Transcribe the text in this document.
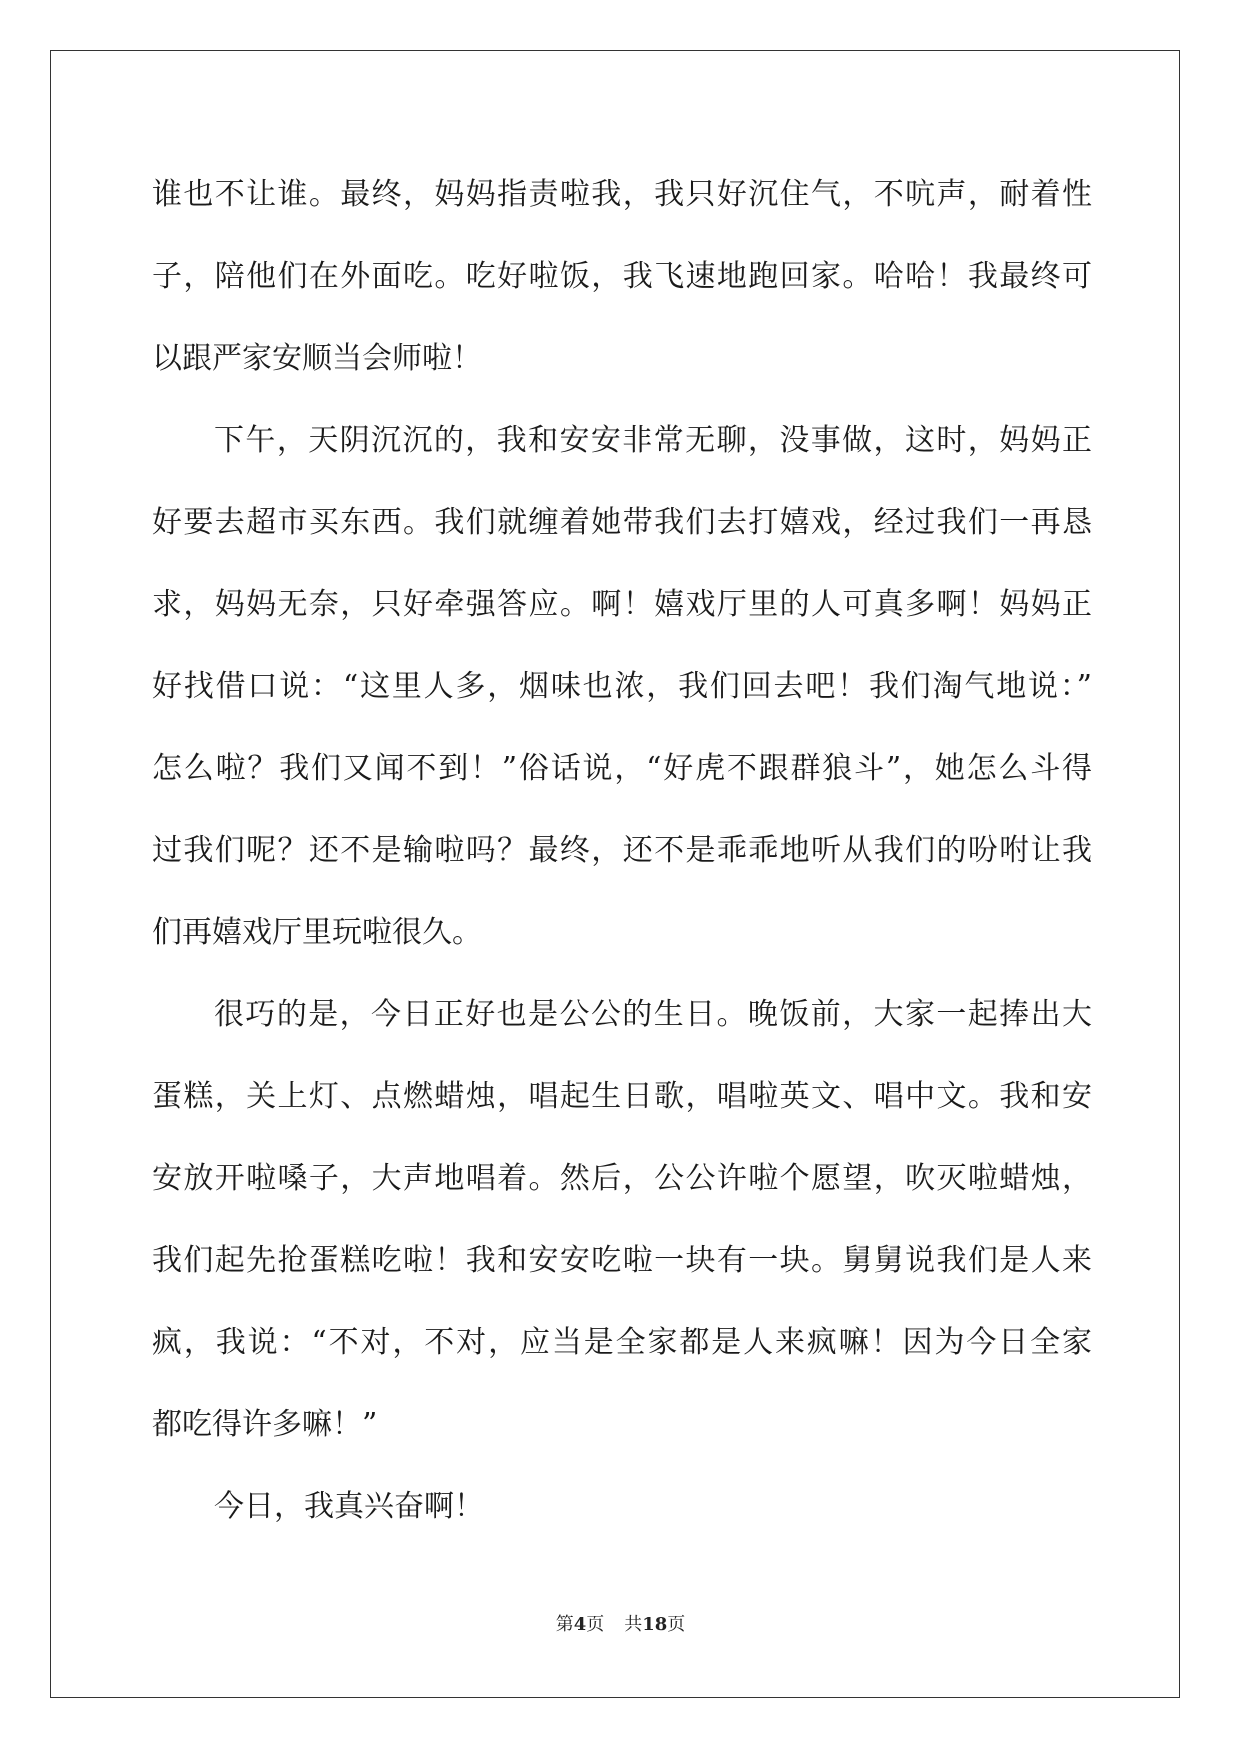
谁也不让谁。最终，妈妈指责啦我，我只好沉住气，不吭声，耐着性
子，陪他们在外面吃。吃好啦饭，我飞速地跑回家。哈哈！我最终可
以跟严家安顺当会师啦！
下午，天阴沉沉的，我和安安非常无聊，没事做，这时，妈妈正
好要去超市买东西。我们就缠着她带我们去打嬉戏，经过我们一再恳
求，妈妈无奈，只好牵强答应。啊！嬉戏厅里的人可真多啊！妈妈正
好找借口说：“这里人多，烟味也浓，我们回去吧！我们淘气地说：”
怎么啦？我们又闻不到！”俗话说，“好虎不跟群狼斗”，她怎么斗得
过我们呢？还不是输啦吗？最终，还不是乖乖地听从我们的吩咐让我
们再嬉戏厅里玩啦很久。
很巧的是，今日正好也是公公的生日。晚饭前，大家一起捧出大
蛋糕，关上灯、点燃蜡烛，唱起生日歌，唱啦英文、唱中文。我和安
安放开啦嗓子，大声地唱着。然后，公公许啦个愿望，吹灭啦蜡烛，
我们起先抢蛋糕吃啦！我和安安吃啦一块有一块。舅舅说我们是人来
疯，我说：“不对，不对，应当是全家都是人来疯嘛！因为今日全家
都吃得许多嘛！”
今日，我真兴奋啊！
第4页 共18页
